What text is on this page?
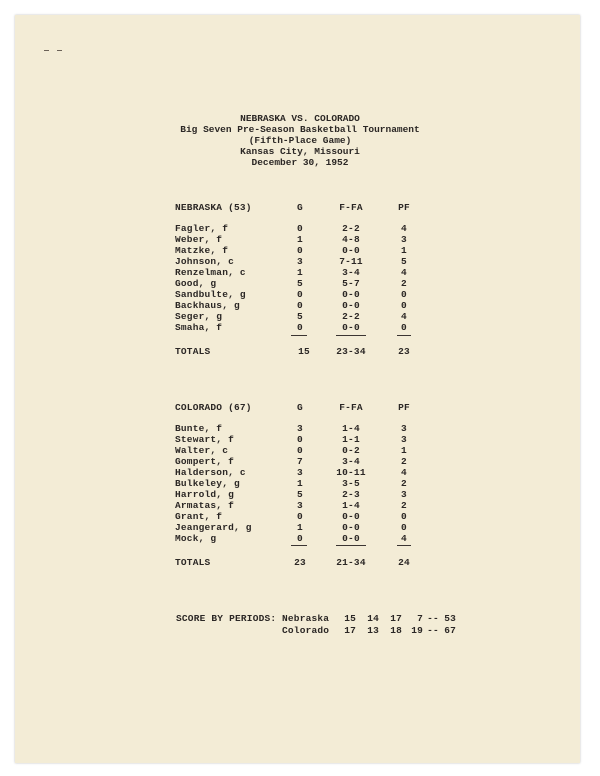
NEBRASKA VS. COLORADO
Big Seven Pre-Season Basketball Tournament
(Fifth-Place Game)
Kansas City, Missouri
December 30, 1952
NEBRASKA (53)	G	F-FA	PF
Fagler, f	0	2-2	4
Weber, f	1	4-8	3
Matzke, f	0	0-0	1
Johnson, c	3	7-11	5
Renzelman, c	1	3-4	4
Good, g	5	5-7	2
Sandbulte, g	0	0-0	0
Backhaus, g	0	0-0	0
Seger, g	5	2-2	4
Smaha, f	0	0-0	0
TOTALS	15	23-34	23
COLORADO (67)	G	F-FA	PF
Bunte, f	3	1-4	3
Stewart, f	0	1-1	3
Walter, c	0	0-2	1
Gompert, f	7	3-4	2
Halderson, c	3	10-11	4
Bulkeley, g	1	3-5	2
Harrold, g	5	2-3	3
Armatas, f	3	1-4	2
Grant, f	0	0-0	0
Jeangerard, g	1	0-0	0
Mock, g	0	0-0	4
TOTALS	23	21-34	24
SCORE BY PERIODS: Nebraska	15	14	17	7 -- 53
Colorado	17	13	18 19 -- 67
